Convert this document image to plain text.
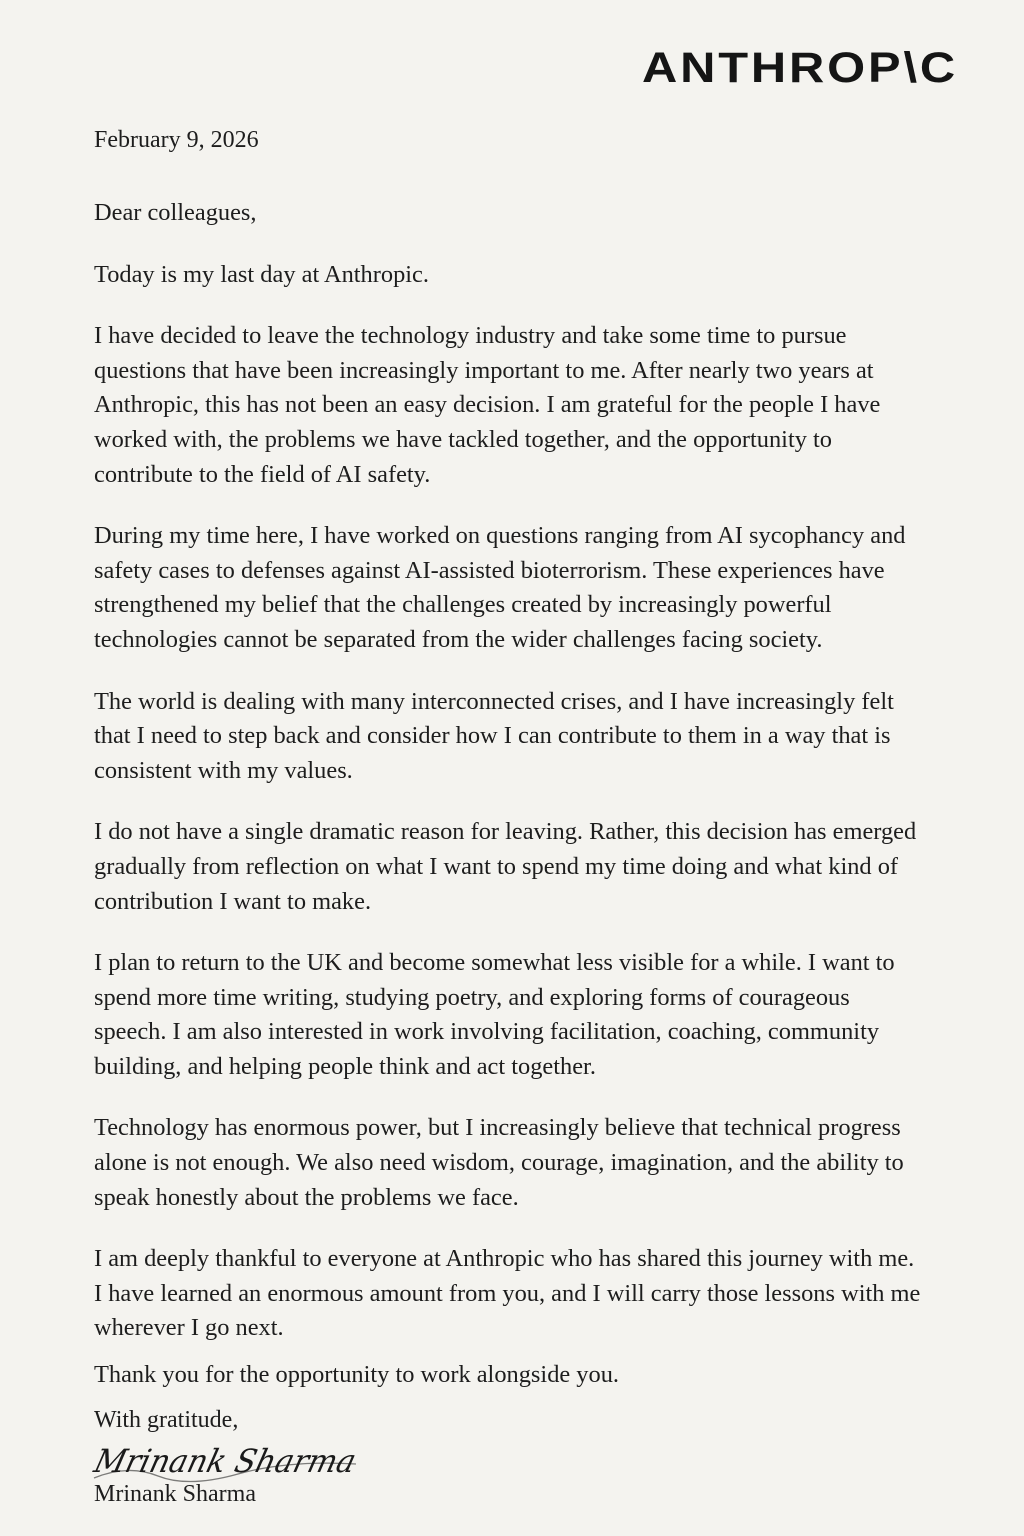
ANTHROP\C
February 9, 2026

Dear colleagues,

Today is my last day at Anthropic.

I have decided to leave the technology industry and take some time to pursue questions that have been increasingly important to me. After nearly two years at Anthropic, this has not been an easy decision. I am grateful for the people I have worked with, the problems we have tackled together, and the opportunity to contribute to the field of AI safety.

During my time here, I have worked on questions ranging from AI sycophancy and safety cases to defenses against AI-assisted bioterrorism. These experiences have strengthened my belief that the challenges created by increasingly powerful technologies cannot be separated from the wider challenges facing society.

The world is dealing with many interconnected crises, and I have increasingly felt that I need to step back and consider how I can contribute to them in a way that is consistent with my values.

I do not have a single dramatic reason for leaving. Rather, this decision has emerged gradually from reflection on what I want to spend my time doing and what kind of contribution I want to make.

I plan to return to the UK and become somewhat less visible for a while. I want to spend more time writing, studying poetry, and exploring forms of courageous speech. I am also interested in work involving facilitation, coaching, community building, and helping people think and act together.

Technology has enormous power, but I increasingly believe that technical progress alone is not enough. We also need wisdom, courage, imagination, and the ability to speak honestly about the problems we face.

I am deeply thankful to everyone at Anthropic who has shared this journey with me. I have learned an enormous amount from you, and I will carry those lessons with me wherever I go next.

Thank you for the opportunity to work alongside you.

With gratitude,
Mrinank Sharma
Mrinank Sharma
